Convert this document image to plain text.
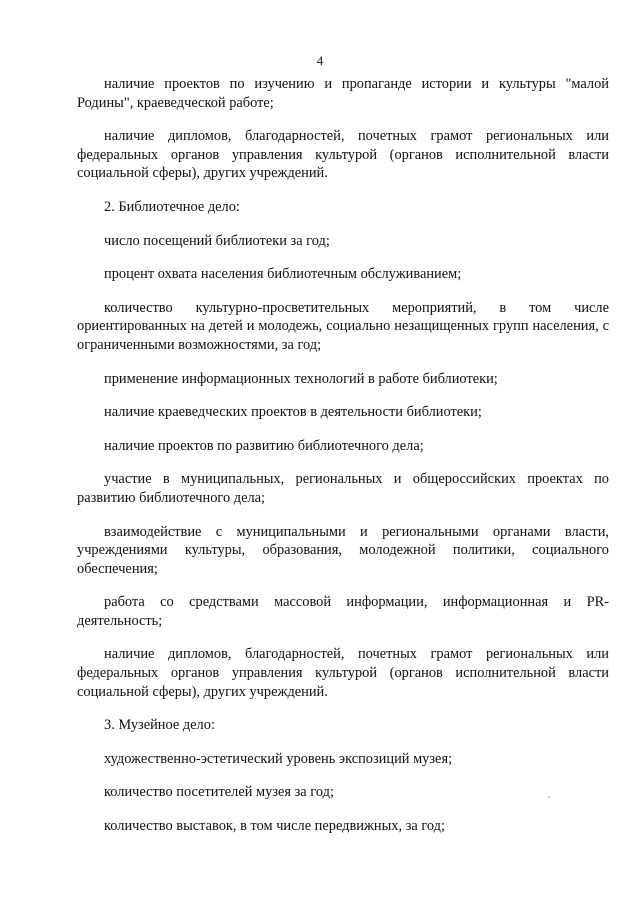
4

наличие проектов по изучению и пропаганде истории и культуры "малой Родины", краеведческой работе;

наличие дипломов, благодарностей, почетных грамот региональных или федеральных органов управления культурой (органов исполнительной власти социальной сферы), других учреждений.

2. Библиотечное дело:

число посещений библиотеки за год;

процент охвата населения библиотечным обслуживанием;

количество культурно-просветительных мероприятий, в том числе ориентированных на детей и молодежь, социально незащищенных групп населения, с ограниченными возможностями, за год;

применение информационных технологий в работе библиотеки;

наличие краеведческих проектов в деятельности библиотеки;

наличие проектов по развитию библиотечного дела;

участие в муниципальных, региональных и общероссийских проектах по развитию библиотечного дела;

взаимодействие с муниципальными и региональными органами власти, учреждениями культуры, образования, молодежной политики, социального обеспечения;

работа со средствами массовой информации, информационная и PR-деятельность;

наличие дипломов, благодарностей, почетных грамот региональных или федеральных органов управления культурой (органов исполнительной власти социальной сферы), других учреждений.

3. Музейное дело:

художественно-эстетический уровень экспозиций музея;

количество посетителей музея за год;

количество выставок, в том числе передвижных, за год;
